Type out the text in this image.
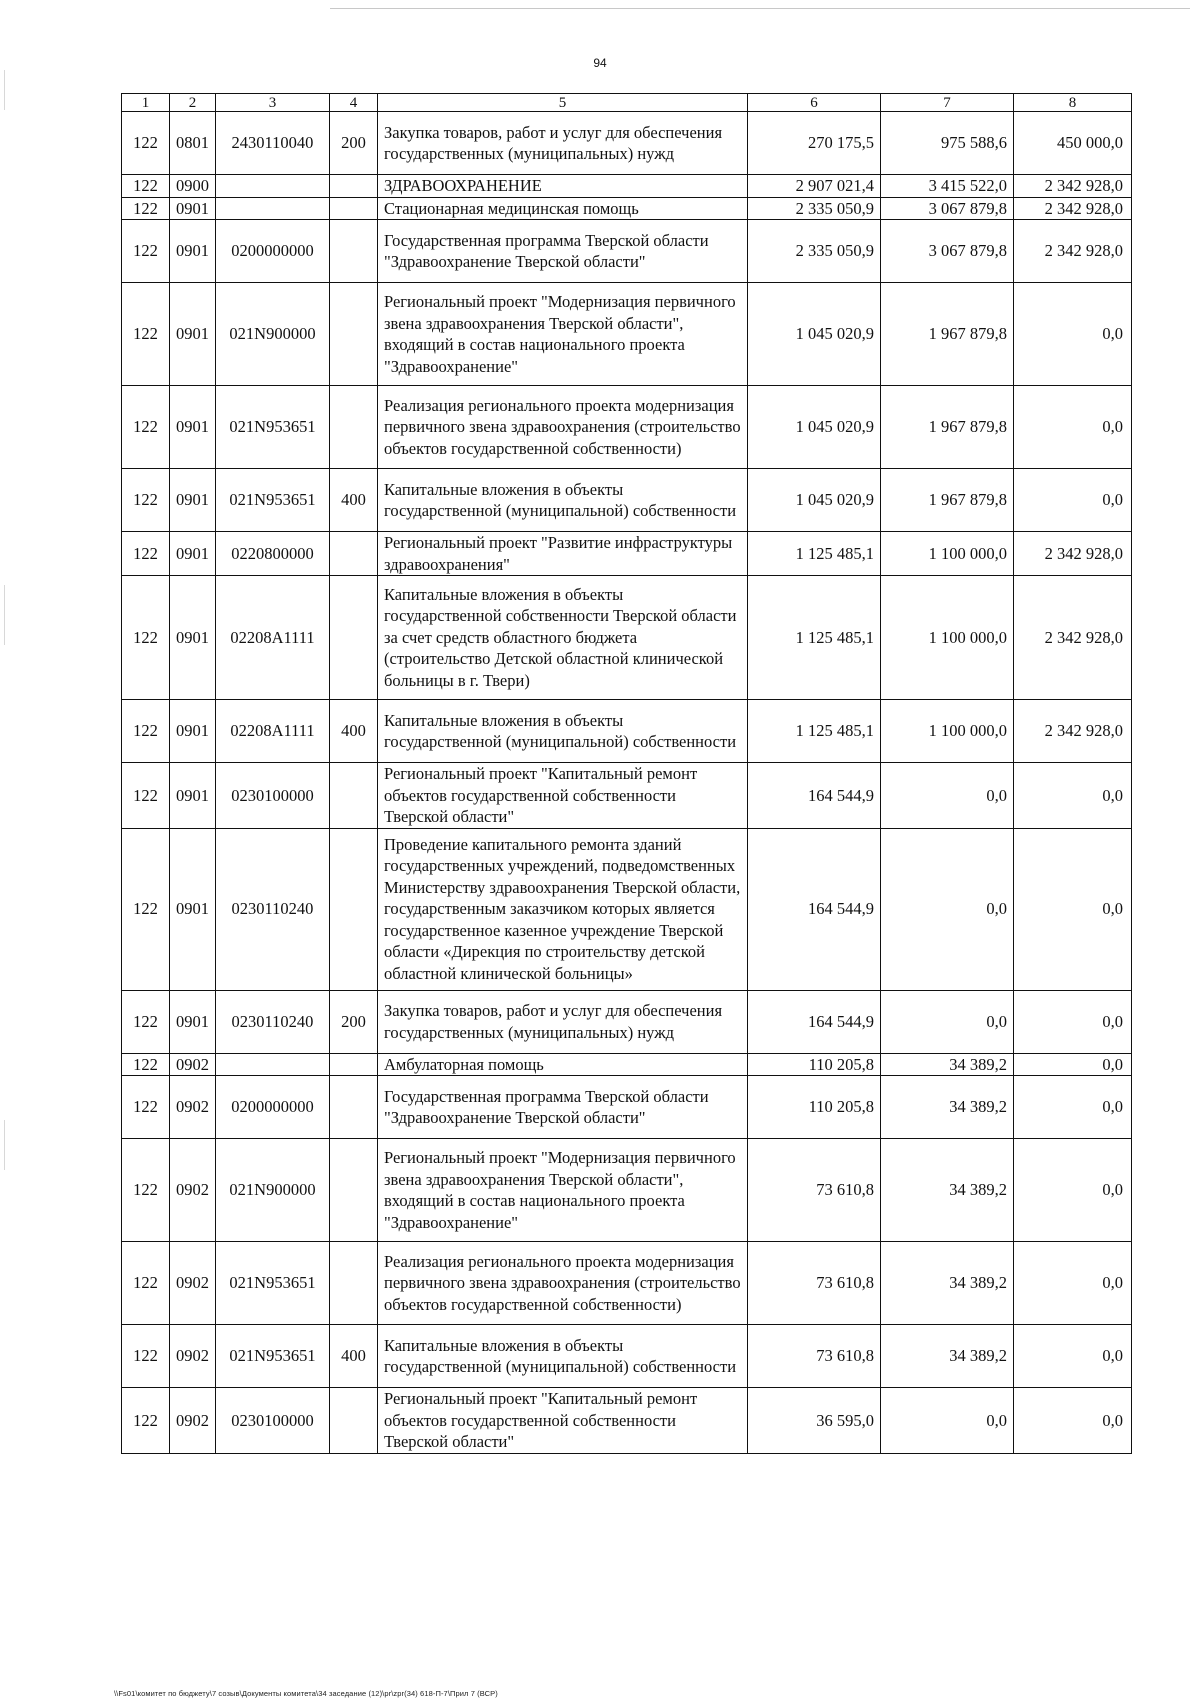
94
1	2	3	4	5	6	7	8
122	0801	2430110040	200	Закупка товаров, работ и услуг для обеспечения государственных (муниципальных) нужд	270 175,5	975 588,6	450 000,0
122	0900			ЗДРАВООХРАНЕНИЕ	2 907 021,4	3 415 522,0	2 342 928,0
122	0901			Стационарная медицинская помощь	2 335 050,9	3 067 879,8	2 342 928,0
122	0901	0200000000		Государственная программа Тверской области "Здравоохранение Тверской области"	2 335 050,9	3 067 879,8	2 342 928,0
122	0901	021N900000		Региональный проект "Модернизация первичного звена здравоохранения Тверской области", входящий в состав национального проекта "Здравоохранение"	1 045 020,9	1 967 879,8	0,0
122	0901	021N953651		Реализация регионального проекта модернизация первичного звена здравоохранения (строительство объектов государственной собственности)	1 045 020,9	1 967 879,8	0,0
122	0901	021N953651	400	Капитальные вложения в объекты государственной (муниципальной) собственности	1 045 020,9	1 967 879,8	0,0
122	0901	0220800000		Региональный проект "Развитие инфраструктуры здравоохранения"	1 125 485,1	1 100 000,0	2 342 928,0
122	0901	02208A1111		Капитальные вложения в объекты государственной собственности Тверской области за счет средств областного бюджета (строительство Детской областной клинической больницы в г. Твери)	1 125 485,1	1 100 000,0	2 342 928,0
122	0901	02208A1111	400	Капитальные вложения в объекты государственной (муниципальной) собственности	1 125 485,1	1 100 000,0	2 342 928,0
122	0901	0230100000		Региональный проект "Капитальный ремонт объектов государственной собственности Тверской области"	164 544,9	0,0	0,0
122	0901	0230110240		Проведение капитального ремонта зданий государственных учреждений, подведомственных Министерству здравоохранения Тверской области, государственным заказчиком которых является государственное казенное учреждение Тверской области «Дирекция по строительству детской областной клинической больницы»	164 544,9	0,0	0,0
122	0901	0230110240	200	Закупка товаров, работ и услуг для обеспечения государственных (муниципальных) нужд	164 544,9	0,0	0,0
122	0902			Амбулаторная помощь	110 205,8	34 389,2	0,0
122	0902	0200000000		Государственная программа Тверской области "Здравоохранение Тверской области"	110 205,8	34 389,2	0,0
122	0902	021N900000		Региональный проект "Модернизация первичного звена здравоохранения Тверской области", входящий в состав национального проекта "Здравоохранение"	73 610,8	34 389,2	0,0
122	0902	021N953651		Реализация регионального проекта модернизация первичного звена здравоохранения (строительство объектов государственной собственности)	73 610,8	34 389,2	0,0
122	0902	021N953651	400	Капитальные вложения в объекты государственной (муниципальной) собственности	73 610,8	34 389,2	0,0
122	0902	0230100000		Региональный проект "Капитальный ремонт объектов государственной собственности Тверской области"	36 595,0	0,0	0,0
\\Fs01\комитет по бюджету\7 созыв\Документы комитета\34 заседание (12)\pr\zpr(34) 618-П-7\Прил 7 (ВСР)
